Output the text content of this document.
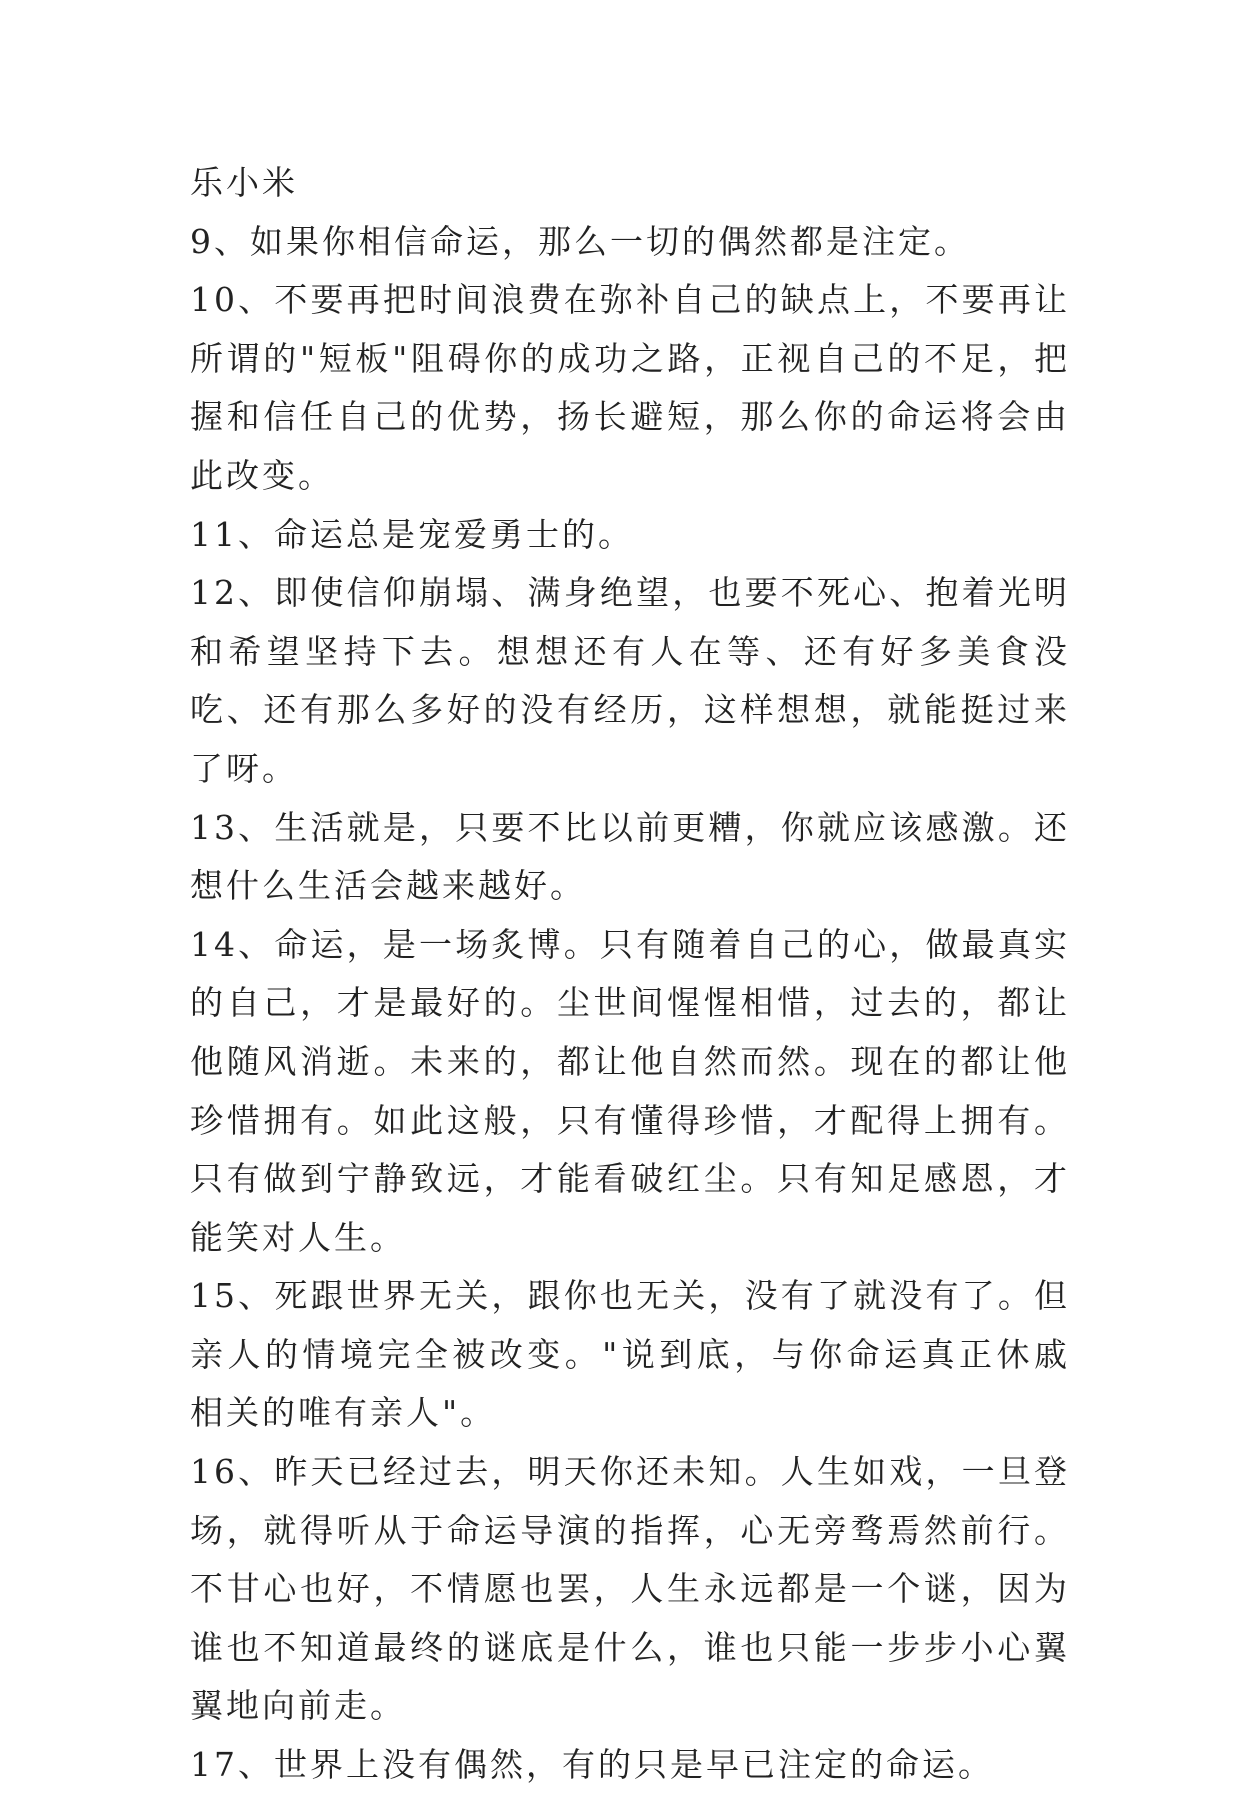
乐小米

9、如果你相信命运，那么一切的偶然都是注定。

10、不要再把时间浪费在弥补自己的缺点上，不要再让所谓的"短板"阻碍你的成功之路，正视自己的不足，把握和信任自己的优势，扬长避短，那么你的命运将会由此改变。

11、命运总是宠爱勇士的。

12、即使信仰崩塌、满身绝望，也要不死心、抱着光明和希望坚持下去。想想还有人在等、还有好多美食没吃、还有那么多好的没有经历，这样想想，就能挺过来了呀。

13、生活就是，只要不比以前更糟，你就应该感激。还想什么生活会越来越好。

14、命运，是一场炙博。只有随着自己的心，做最真实的自己，才是最好的。尘世间惺惺相惜，过去的，都让他随风消逝。未来的，都让他自然而然。现在的都让他珍惜拥有。如此这般，只有懂得珍惜，才配得上拥有。只有做到宁静致远，才能看破红尘。只有知足感恩，才能笑对人生。

15、死跟世界无关，跟你也无关，没有了就没有了。但亲人的情境完全被改变。"说到底，与你命运真正休戚相关的唯有亲人"。

16、昨天已经过去，明天你还未知。人生如戏，一旦登场，就得听从于命运导演的指挥，心无旁骛焉然前行。不甘心也好，不情愿也罢，人生永远都是一个谜，因为谁也不知道最终的谜底是什么，谁也只能一步步小心翼翼地向前走。

17、世界上没有偶然，有的只是早已注定的命运。
